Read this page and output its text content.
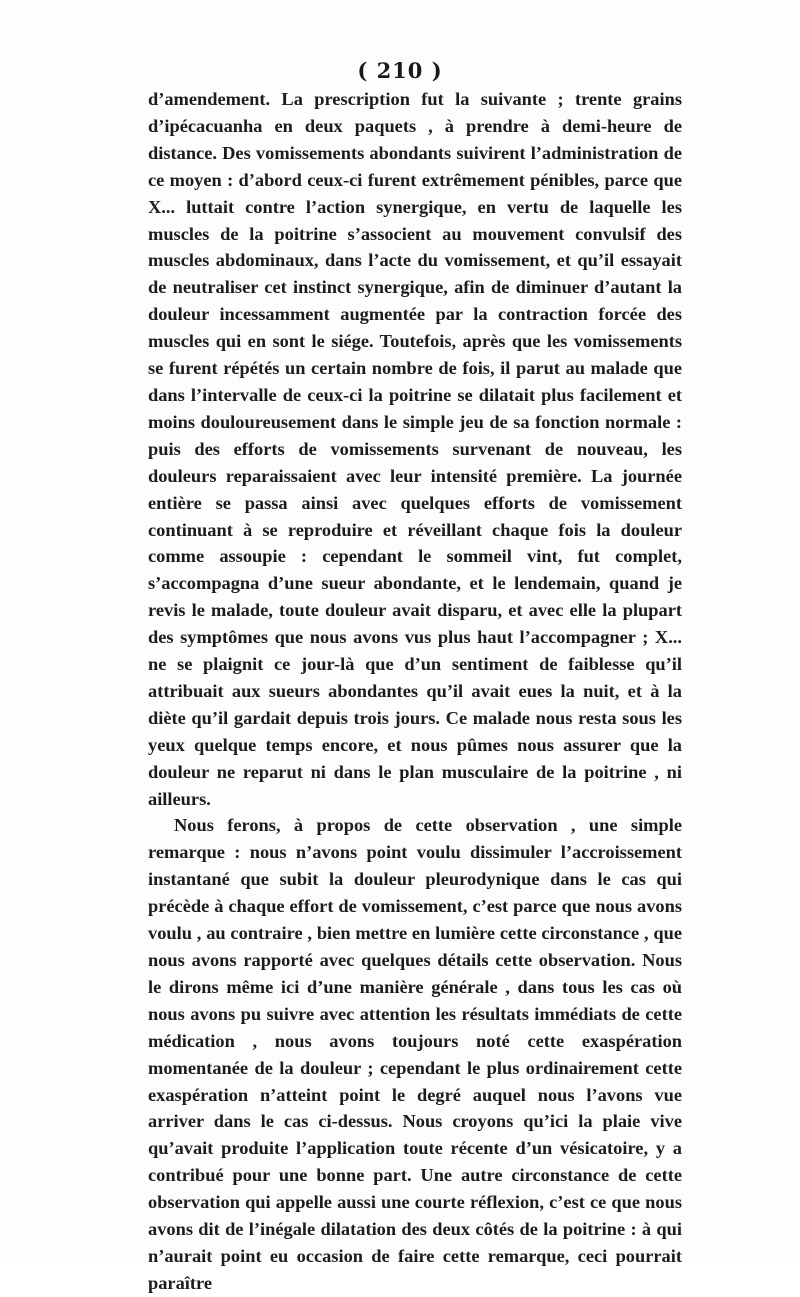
( 210 )

d’amendement. La prescription fut la suivante ; trente grains d’ipécacuanha en deux paquets , à prendre à demi-heure de distance. Des vomissements abondants suivirent l’administration de ce moyen : d’abord ceux-ci furent extrêmement pénibles, parce que X... luttait contre l’action synergique, en vertu de laquelle les muscles de la poitrine s’associent au mouvement convulsif des muscles abdominaux, dans l’acte du vomissement, et qu’il essayait de neutraliser cet instinct synergique, afin de diminuer d’autant la douleur incessamment augmentée par la contraction forcée des muscles qui en sont le siége. Toutefois, après que les vomissements se furent répétés un certain nombre de fois, il parut au malade que dans l’intervalle de ceux-ci la poitrine se dilatait plus facilement et moins douloureusement dans le simple jeu de sa fonction normale : puis des efforts de vomissements survenant de nouveau, les douleurs reparaissaient avec leur intensité première. La journée entière se passa ainsi avec quelques efforts de vomissement continuant à se reproduire et réveillant chaque fois la douleur comme assoupie : cependant le sommeil vint, fut complet, s’accompagna d’une sueur abondante, et le lendemain, quand je revis le malade, toute douleur avait disparu, et avec elle la plupart des symptômes que nous avons vus plus haut l’accompagner ; X... ne se plaignit ce jour-là que d’un sentiment de faiblesse qu’il attribuait aux sueurs abondantes qu’il avait eues la nuit, et à la diète qu’il gardait depuis trois jours. Ce malade nous resta sous les yeux quelque temps encore, et nous pûmes nous assurer que la douleur ne reparut ni dans le plan musculaire de la poitrine , ni ailleurs.

Nous ferons, à propos de cette observation , une simple remarque : nous n’avons point voulu dissimuler l’accroissement instantané que subit la douleur pleurodynique dans le cas qui précède à chaque effort de vomissement, c’est parce que nous avons voulu , au contraire , bien mettre en lumière cette circonstance , que nous avons rapporté avec quelques détails cette observation. Nous le dirons même ici d’une manière générale , dans tous les cas où nous avons pu suivre avec attention les résultats immédiats de cette médication , nous avons toujours noté cette exaspération momentanée de la douleur ; cependant le plus ordinairement cette exaspération n’atteint point le degré auquel nous l’avons vue arriver dans le cas ci-dessus. Nous croyons qu’ici la plaie vive qu’avait produite l’application toute récente d’un vésicatoire, y a contribué pour une bonne part. Une autre circonstance de cette observation qui appelle aussi une courte réflexion, c’est ce que nous avons dit de l’inégale dilatation des deux côtés de la poitrine : à qui n’aurait point eu occasion de faire cette remarque, ceci pourrait paraître
